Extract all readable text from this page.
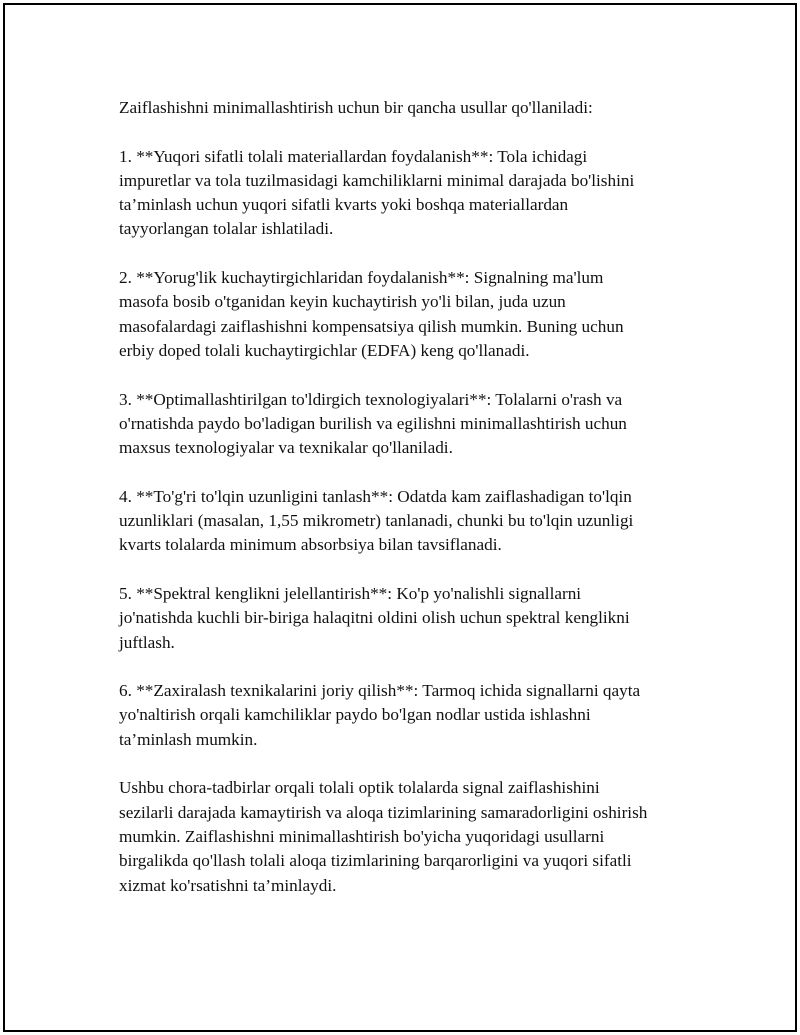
Zaiflashishni minimallashtirish uchun bir qancha usullar qo'llaniladi:

1. **Yuqori sifatli tolali materiallardan foydalanish**: Tola ichidagi
impuretlar va tola tuzilmasidagi kamchiliklarni minimal darajada bo'lishini
ta’minlash uchun yuqori sifatli kvarts yoki boshqa materiallardan
tayyorlangan tolalar ishlatiladi.

2. **Yorug'lik kuchaytirgichlaridan foydalanish**: Signalning ma'lum
masofa bosib o'tganidan keyin kuchaytirish yo'li bilan, juda uzun
masofalardagi zaiflashishni kompensatsiya qilish mumkin. Buning uchun
erbiy doped tolali kuchaytirgichlar (EDFA) keng qo'llanadi.

3. **Optimallashtirilgan to'ldirgich texnologiyalari**: Tolalarni o'rash va
o'rnatishda paydo bo'ladigan burilish va egilishni minimallashtirish uchun
maxsus texnologiyalar va texnikalar qo'llaniladi.

4. **To'g'ri to'lqin uzunligini tanlash**: Odatda kam zaiflashadigan to'lqin
uzunliklari (masalan, 1,55 mikrometr) tanlanadi, chunki bu to'lqin uzunligi
kvarts tolalarda minimum absorbsiya bilan tavsiflanadi.

5. **Spektral kenglikni jelellantirish**: Ko'p yo'nalishli signallarni
jo'natishda kuchli bir-biriga halaqitni oldini olish uchun spektral kenglikni
juftlash.

6. **Zaxiralash texnikalarini joriy qilish**: Tarmoq ichida signallarni qayta
yo'naltirish orqali kamchiliklar paydo bo'lgan nodlar ustida ishlashni
ta’minlash mumkin.

Ushbu chora-tadbirlar orqali tolali optik tolalarda signal zaiflashishini
sezilarli darajada kamaytirish va aloqa tizimlarining samaradorligini oshirish
mumkin. Zaiflashishni minimallashtirish bo'yicha yuqoridagi usullarni
birgalikda qo'llash tolali aloqa tizimlarining barqarorligini va yuqori sifatli
xizmat ko'rsatishni ta’minlaydi.
